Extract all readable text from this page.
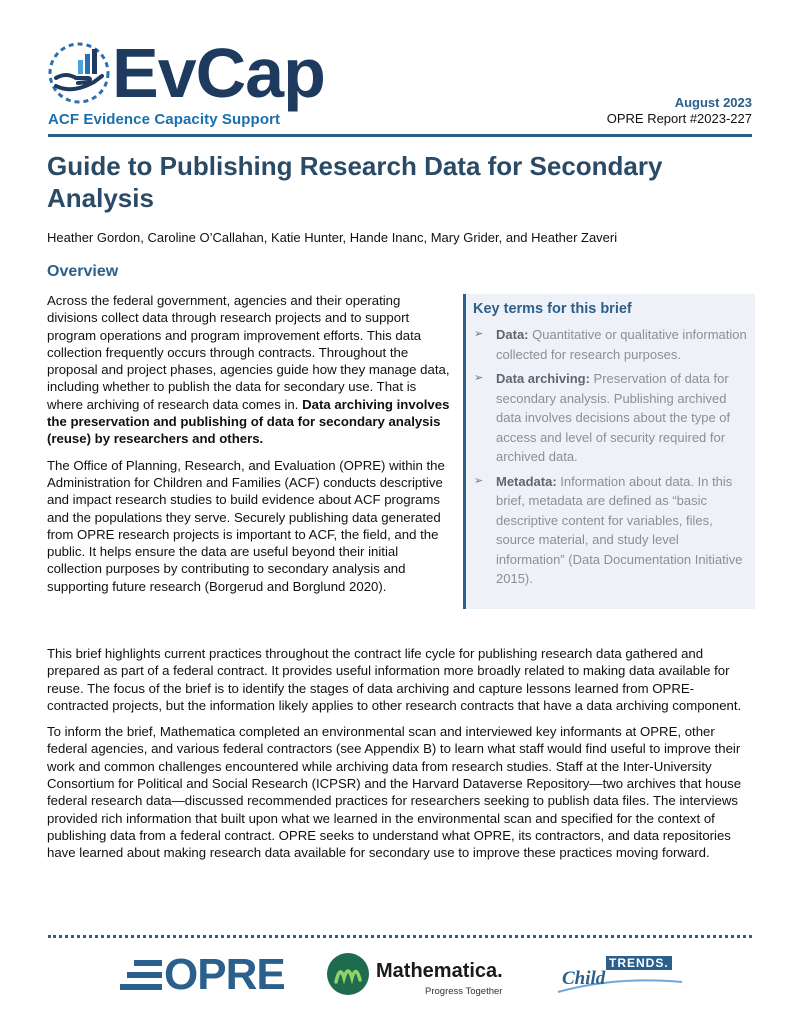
EvCap
ACF Evidence Capacity Support
August 2023
OPRE Report #2023-227
Guide to Publishing Research Data for Secondary Analysis
Heather Gordon, Caroline O’Callahan, Katie Hunter, Hande Inanc, Mary Grider, and Heather Zaveri
Overview

Across the federal government, agencies and their operating divisions collect data through research projects and to support program operations and program improvement efforts. This data collection frequently occurs through contracts. Throughout the proposal and project phases, agencies guide how they manage data, including whether to publish the data for secondary use. That is where archiving of research data comes in. Data archiving involves the preservation and publishing of data for secondary analysis (reuse) by researchers and others.

The Office of Planning, Research, and Evaluation (OPRE) within the Administration for Children and Families (ACF) conducts descriptive and impact research studies to build evidence about ACF programs and the populations they serve. Securely publishing data generated from OPRE research projects is important to ACF, the field, and the public. It helps ensure the data are useful beyond their initial collection purposes by contributing to secondary analysis and supporting future research (Borgerud and Borglund 2020).

Key terms for this brief
➢ Data: Quantitative or qualitative information collected for research purposes.
➢ Data archiving: Preservation of data for secondary analysis. Publishing archived data involves decisions about the type of access and level of security required for archived data.
➢ Metadata: Information about data. In this brief, metadata are defined as “basic descriptive content for variables, files, source material, and study level information” (Data Documentation Initiative 2015).

This brief highlights current practices throughout the contract life cycle for publishing research data gathered and prepared as part of a federal contract. It provides useful information more broadly related to making data available for reuse. The focus of the brief is to identify the stages of data archiving and capture lessons learned from OPRE-contracted projects, but the information likely applies to other research contracts that have a data archiving component.

To inform the brief, Mathematica completed an environmental scan and interviewed key informants at OPRE, other federal agencies, and various federal contractors (see Appendix B) to learn what staff would find useful to improve their work and common challenges encountered while archiving data from research studies. Staff at the Inter-University Consortium for Political and Social Research (ICPSR) and the Harvard Dataverse Repository—two archives that house federal research data—discussed recommended practices for researchers seeking to publish data files. The interviews provided rich information that built upon what we learned in the environmental scan and specified for the context of publishing data from a federal contract. OPRE seeks to understand what OPRE, its contractors, and data repositories have learned about making research data available for secondary use to improve these practices moving forward.

OPRE	Mathematica.
Progress Together
Child
TRENDS.
